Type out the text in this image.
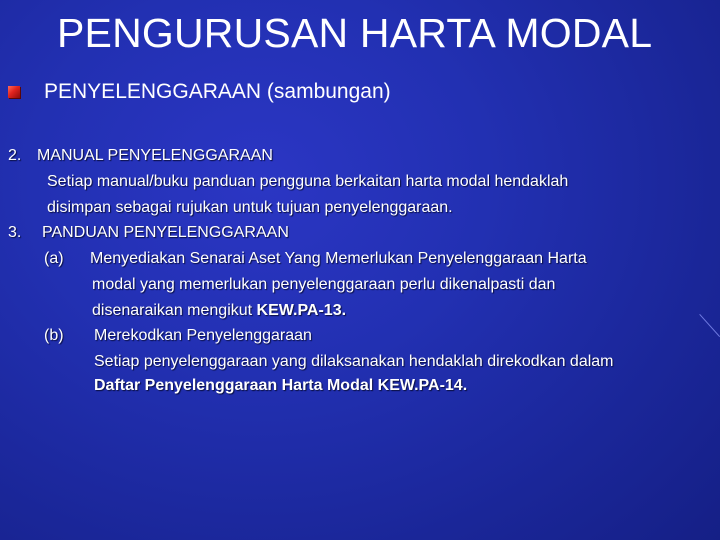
PENGURUSAN HARTA MODAL
PENYELENGGARAAN (sambungan)
2. MANUAL PENYELENGGARAAN
Setiap manual/buku panduan pengguna berkaitan harta modal hendaklah
disimpan sebagai rujukan untuk tujuan penyelenggaraan.
3. PANDUAN PENYELENGGARAAN
(a) Menyediakan Senarai Aset Yang Memerlukan Penyelenggaraan Harta
modal yang memerlukan penyelenggaraan perlu dikenalpasti dan
disenaraikan mengikut KEW.PA-13.
(b) Merekodkan Penyelenggaraan
Setiap penyelenggaraan yang dilaksanakan hendaklah direkodkan dalam
Daftar Penyelenggaraan Harta Modal KEW.PA-14.
